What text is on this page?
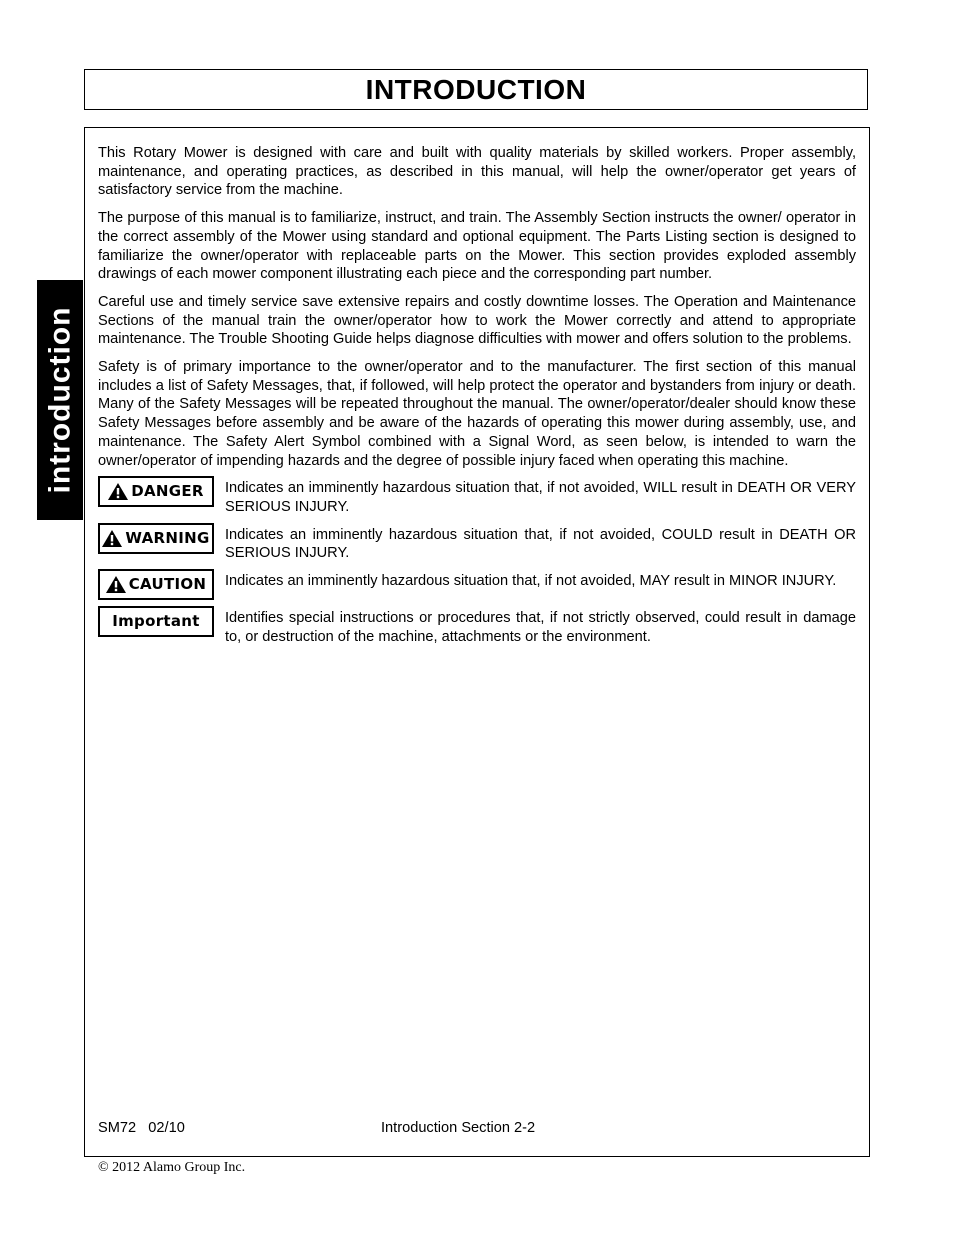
INTRODUCTION
introduction

This Rotary Mower is designed with care and built with quality materials by skilled workers. Proper assembly, maintenance, and operating practices, as described in this manual, will help the owner/operator get years of satisfactory service from the machine.

The purpose of this manual is to familiarize, instruct, and train. The Assembly Section instructs the owner/ operator in the correct assembly of the Mower using standard and optional equipment. The Parts Listing section is designed to familiarize the owner/operator with replaceable parts on the Mower. This section provides exploded assembly drawings of each mower component illustrating each piece and the corresponding part number.

Careful use and timely service save extensive repairs and costly downtime losses. The Operation and Maintenance Sections of the manual train the owner/operator how to work the Mower correctly and attend to appropriate maintenance. The Trouble Shooting Guide helps diagnose difficulties with mower and offers solution to the problems.

Safety is of primary importance to the owner/operator and to the manufacturer. The first section of this manual includes a list of Safety Messages, that, if followed, will help protect the operator and bystanders from injury or death. Many of the Safety Messages will be repeated throughout the manual. The owner/operator/dealer should know these Safety Messages before assembly and be aware of the hazards of operating this mower during assembly, use, and maintenance. The Safety Alert Symbol combined with a Signal Word, as seen below, is intended to warn the owner/operator of impending hazards and the degree of possible injury faced when operating this machine.

DANGER Indicates an imminently hazardous situation that, if not avoided, WILL result in DEATH OR VERY SERIOUS INJURY.
WARNING Indicates an imminently hazardous situation that, if not avoided, COULD result in DEATH OR SERIOUS INJURY.
CAUTION Indicates an imminently hazardous situation that, if not avoided, MAY result in MINOR INJURY.
Important Identifies special instructions or procedures that, if not strictly observed, could result in damage to, or destruction of the machine, attachments or the environment.
SM72   02/10	Introduction Section 2-2
© 2012 Alamo Group Inc.
